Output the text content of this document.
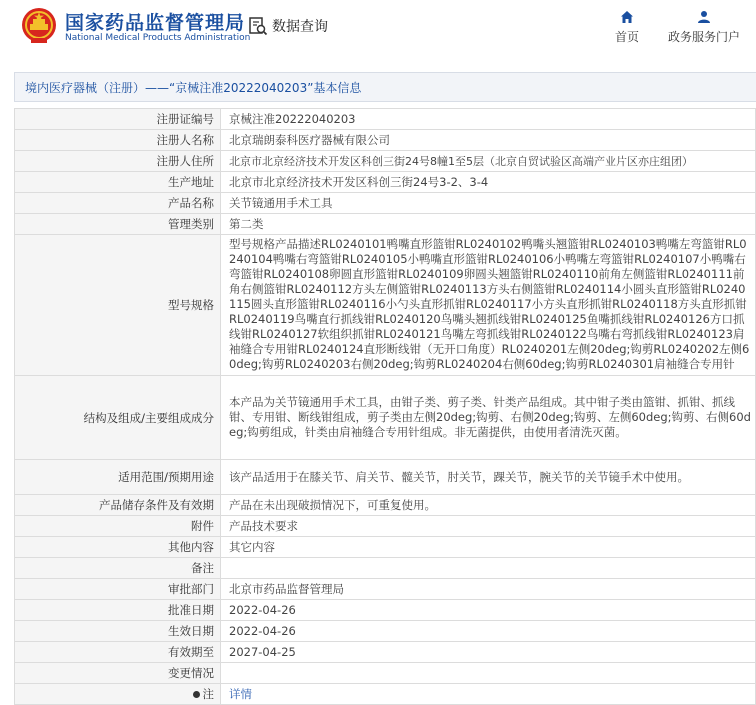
国家药品监督管理局
National Medical Products Administration
数据查询
首页 政务服务门户
境内医疗器械（注册）——“京械注准20222040203”基本信息
注册证编号	京械注准20222040203
注册人名称	北京瑞朗泰科医疗器械有限公司
注册人住所	北京市北京经济技术开发区科创三街24号8幢1至5层（北京自贸试验区高端产业片区亦庄组团）
生产地址	北京市北京经济技术开发区科创三街24号3-2、3-4
产品名称	关节镜通用手术工具
管理类别	第二类
型号规格	型号规格产品描述RL0240101鸭嘴直形篮钳RL0240102鸭嘴头翘篮钳RL0240103鸭嘴左弯篮钳RL0240104鸭嘴右弯篮钳RL0240105小鸭嘴直形篮钳RL0240106小鸭嘴左弯篮钳RL0240107小鸭嘴右弯篮钳RL0240108卵圆直形篮钳RL0240109卵圆头翘篮钳RL0240110前角左侧篮钳RL0240111前角右侧篮钳RL0240112方头左侧篮钳RL0240113方头右侧篮钳RL0240114小圆头直形篮钳RL0240115圆头直形篮钳RL0240116小勺头直形抓钳RL0240117小方头直形抓钳RL0240118方头直形抓钳RL0240119鸟嘴直行抓线钳RL0240120鸟嘴头翘抓线钳RL0240125鱼嘴抓线钳RL0240126方口抓线钳RL0240127软组织抓钳RL0240121鸟嘴左弯抓线钳RL0240122鸟嘴右弯抓线钳RL0240123肩袖缝合专用钳RL0240124直形断线钳（无开口角度）RL0240201左侧20deg;钩剪RL0240202左侧60deg;钩剪RL0240203右侧20deg;钩剪RL0240204右侧60deg;钩剪RL0240301肩袖缝合专用针
结构及组成/主要组成成分	本产品为关节镜通用手术工具，由钳子类、剪子类、针类产品组成。其中钳子类由篮钳、抓钳、抓线钳、专用钳、断线钳组成，剪子类由左侧20deg;钩剪、右侧20deg;钩剪、左侧60deg;钩剪、右侧60deg;钩剪组成，针类由肩袖缝合专用针组成。非无菌提供，由使用者清洗灭菌。
适用范围/预期用途	该产品适用于在膝关节、肩关节、髋关节，肘关节，踝关节，腕关节的关节镜手术中使用。
产品储存条件及有效期	产品在未出现破损情况下，可重复使用。
附件	产品技术要求
其他内容	其它内容
备注	
审批部门	北京市药品监督管理局
批准日期	2022-04-26
生效日期	2022-04-26
有效期至	2027-04-25
变更情况	
注	详情
